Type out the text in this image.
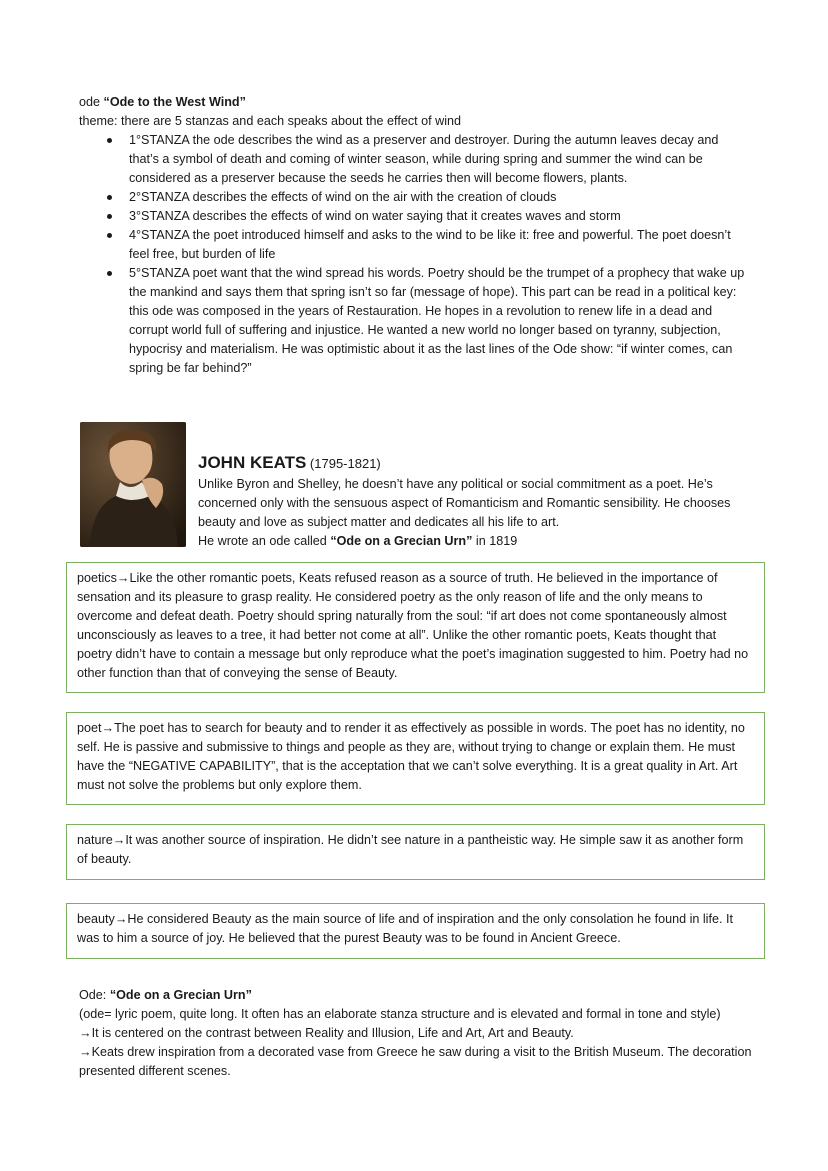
ode “Ode to the West Wind”
theme: there are 5 stanzas and each speaks about the effect of wind
1°STANZA the ode describes the wind as a preserver and destroyer. During the autumn leaves decay and that’s a symbol of death and coming of winter season, while during spring and summer the wind can be considered as a preserver because the seeds he carries then will become flowers, plants.
2°STANZA describes the effects of wind on the air with the creation of clouds
3°STANZA describes the effects of wind on water saying that it creates waves and storm
4°STANZA the poet introduced himself and asks to the wind to be like it: free and powerful. The poet doesn’t feel free, but burden of life
5°STANZA poet want that the wind spread his words. Poetry should be the trumpet of a prophecy that wake up the mankind and says them that spring isn’t so far (message of hope). This part can be read in a political key: this ode was composed in the years of Restauration. He hopes in a revolution to renew life in a dead and corrupt world full of suffering and injustice. He wanted a new world no longer based on tyranny, subjection, hypocrisy and materialism. He was optimistic about it as the last lines of the Ode show: “if winter comes, can spring be far behind?”
JOHN KEATS (1795-1821)
Unlike Byron and Shelley, he doesn’t have any political or social commitment as a poet. He’s concerned only with the sensuous aspect of Romanticism and Romantic sensibility. He chooses beauty and love as subject matter and dedicates all his life to art.
He wrote an ode called “Ode on a Grecian Urn” in 1819
poetics→Like the other romantic poets, Keats refused reason as a source of truth. He believed in the importance of sensation and its pleasure to grasp reality. He considered poetry as the only reason of life and the only means to overcome and defeat death. Poetry should spring naturally from the soul: “if art does not come spontaneously almost unconsciously as leaves to a tree, it had better not come at all”. Unlike the other romantic poets, Keats thought that poetry didn’t have to contain a message but only reproduce what the poet’s imagination suggested to him. Poetry had no other function than that of conveying the sense of Beauty.
poet→The poet has to search for beauty and to render it as effectively as possible in words. The poet has no identity, no self. He is passive and submissive to things and people as they are, without trying to change or explain them. He must have the “NEGATIVE CAPABILITY”, that is the acceptation that we can’t solve everything. It is a great quality in Art. Art must not solve the problems but only explore them.
nature→It was another source of inspiration. He didn’t see nature in a pantheistic way. He simple saw it as another form of beauty.
beauty→He considered Beauty as the main source of life and of inspiration and the only consolation he found in life. It was to him a source of joy. He believed that the purest Beauty was to be found in Ancient Greece.
Ode: “Ode on a Grecian Urn”
(ode= lyric poem, quite long. It often has an elaborate stanza structure and is elevated and formal in tone and style)
→It is centered on the contrast between Reality and Illusion, Life and Art, Art and Beauty.
→Keats drew inspiration from a decorated vase from Greece he saw during a visit to the British Museum. The decoration presented different scenes.
